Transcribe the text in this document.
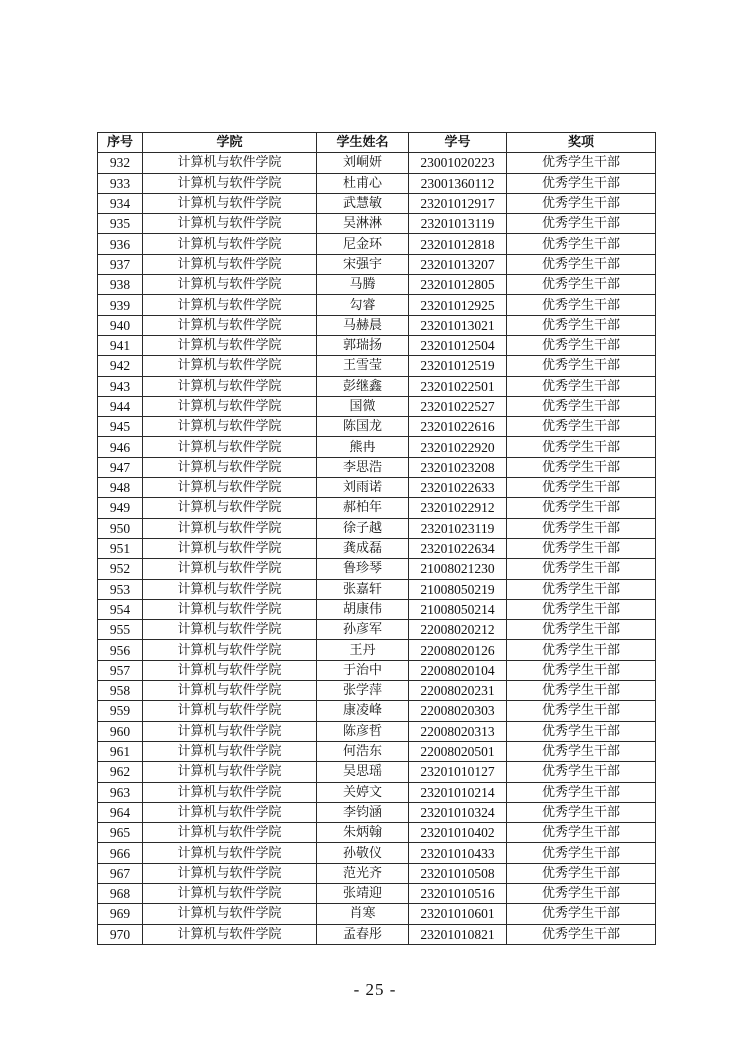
序号	学院	学生姓名	学号	奖项
932	计算机与软件学院	刘峒妍	23001020223	优秀学生干部
933	计算机与软件学院	杜甫心	23001360112	优秀学生干部
934	计算机与软件学院	武慧敏	23201012917	优秀学生干部
935	计算机与软件学院	吴淋淋	23201013119	优秀学生干部
936	计算机与软件学院	尼金环	23201012818	优秀学生干部
937	计算机与软件学院	宋强宇	23201013207	优秀学生干部
938	计算机与软件学院	马腾	23201012805	优秀学生干部
939	计算机与软件学院	勾睿	23201012925	优秀学生干部
940	计算机与软件学院	马赫晨	23201013021	优秀学生干部
941	计算机与软件学院	郭瑞扬	23201012504	优秀学生干部
942	计算机与软件学院	王雪莹	23201012519	优秀学生干部
943	计算机与软件学院	彭继鑫	23201022501	优秀学生干部
944	计算机与软件学院	国微	23201022527	优秀学生干部
945	计算机与软件学院	陈国龙	23201022616	优秀学生干部
946	计算机与软件学院	熊冉	23201022920	优秀学生干部
947	计算机与软件学院	李思浩	23201023208	优秀学生干部
948	计算机与软件学院	刘雨诺	23201022633	优秀学生干部
949	计算机与软件学院	郝柏年	23201022912	优秀学生干部
950	计算机与软件学院	徐子越	23201023119	优秀学生干部
951	计算机与软件学院	龚成磊	23201022634	优秀学生干部
952	计算机与软件学院	鲁珍琴	21008021230	优秀学生干部
953	计算机与软件学院	张嘉轩	21008050219	优秀学生干部
954	计算机与软件学院	胡康伟	21008050214	优秀学生干部
955	计算机与软件学院	孙彦军	22008020212	优秀学生干部
956	计算机与软件学院	王丹	22008020126	优秀学生干部
957	计算机与软件学院	于治中	22008020104	优秀学生干部
958	计算机与软件学院	张学萍	22008020231	优秀学生干部
959	计算机与软件学院	康凌峰	22008020303	优秀学生干部
960	计算机与软件学院	陈彦哲	22008020313	优秀学生干部
961	计算机与软件学院	何浩东	22008020501	优秀学生干部
962	计算机与软件学院	吴思瑶	23201010127	优秀学生干部
963	计算机与软件学院	关婷文	23201010214	优秀学生干部
964	计算机与软件学院	李钧涵	23201010324	优秀学生干部
965	计算机与软件学院	朱炳翰	23201010402	优秀学生干部
966	计算机与软件学院	孙敬仪	23201010433	优秀学生干部
967	计算机与软件学院	范光齐	23201010508	优秀学生干部
968	计算机与软件学院	张靖迎	23201010516	优秀学生干部
969	计算机与软件学院	肖寒	23201010601	优秀学生干部
970	计算机与软件学院	孟春彤	23201010821	优秀学生干部
- 25 -
